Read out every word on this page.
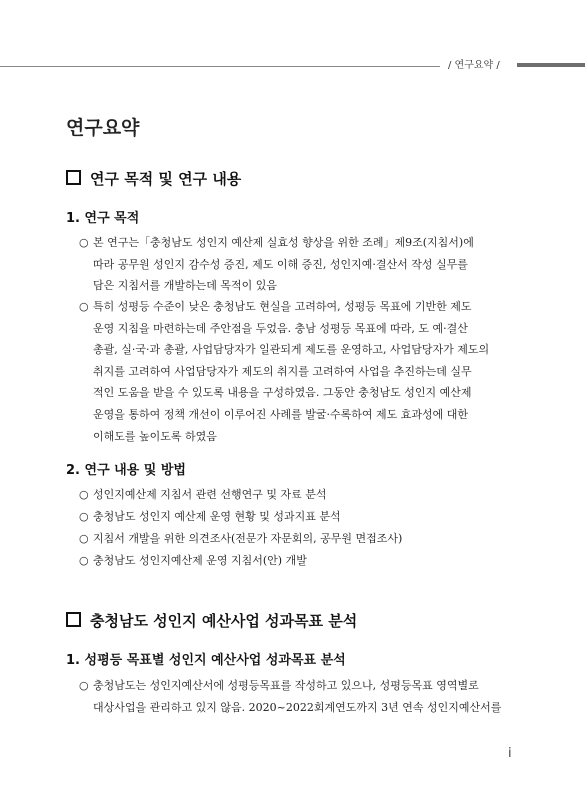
/ 연구요약 /
연구요약
연구 목적 및 연구 내용
1. 연구 목적
○ 본 연구는「충청남도 성인지 예산제 실효성 향상을 위한 조례」제9조(지침서)에
따라 공무원 성인지 감수성 증진, 제도 이해 증진, 성인지예·결산서 작성 실무를
담은 지침서를 개발하는데 목적이 있음
○ 특히 성평등 수준이 낮은 충청남도 현실을 고려하여, 성평등 목표에 기반한 제도
운영 지침을 마련하는데 주안점을 두었음. 충남 성평등 목표에 따라, 도 예·결산
총괄, 실·국·과 총괄, 사업담당자가 일관되게 제도를 운영하고, 사업담당자가 제도의
취지를 고려하여 사업담당자가 제도의 취지를 고려하여 사업을 추진하는데 실무
적인 도움을 받을 수 있도록 내용을 구성하였음. 그동안 충청남도 성인지 예산제
운영을 통하여 정책 개선이 이루어진 사례를 발굴·수록하여 제도 효과성에 대한
이해도를 높이도록 하였음
2. 연구 내용 및 방법
○ 성인지예산제 지침서 관련 선행연구 및 자료 분석
○ 충청남도 성인지 예산제 운영 현황 및 성과지표 분석
○ 지침서 개발을 위한 의견조사(전문가 자문회의, 공무원 면접조사)
○ 충청남도 성인지예산제 운영 지침서(안) 개발
충청남도 성인지 예산사업 성과목표 분석
1. 성평등 목표별 성인지 예산사업 성과목표 분석
○ 충청남도는 성인지예산서에 성평등목표를 작성하고 있으나, 성평등목표 영역별로
대상사업을 관리하고 있지 않음. 2020~2022회계연도까지 3년 연속 성인지예산서를
i
